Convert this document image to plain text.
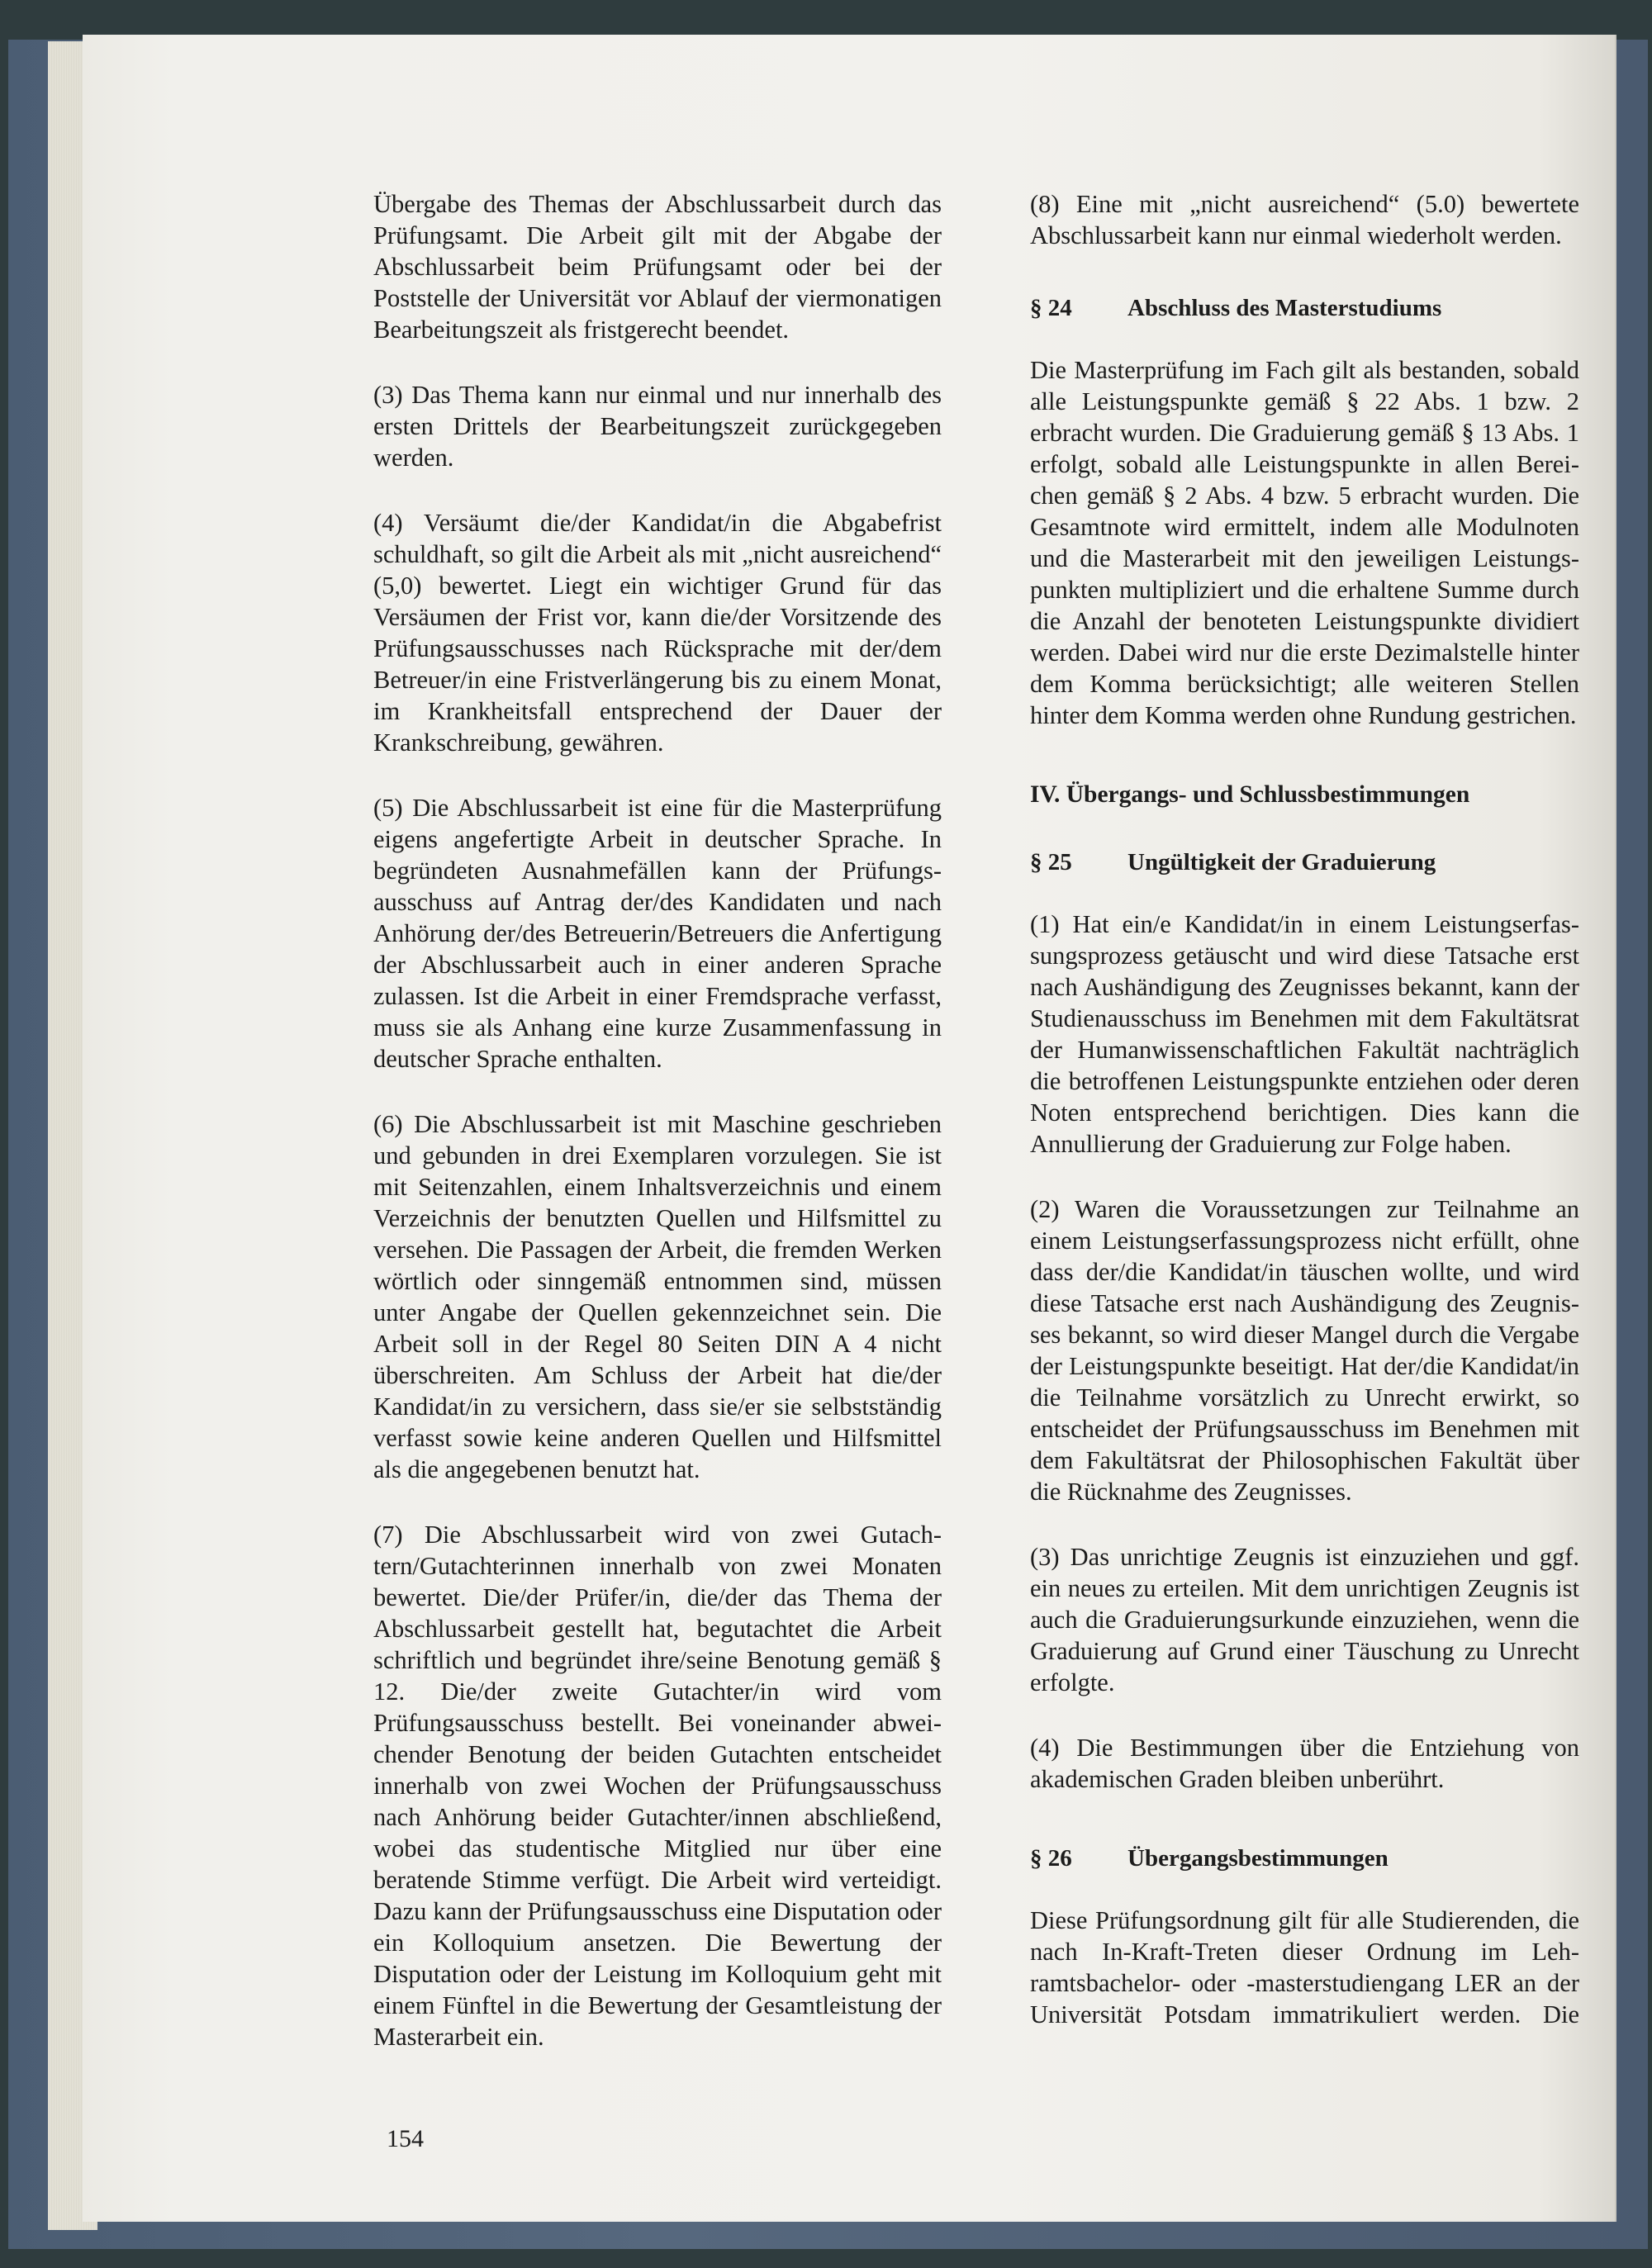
Übergabe des Themas der Abschlussarbeit durch das Prüfungsamt. Die Arbeit gilt mit der Abgabe der Abschlussarbeit beim Prüfungsamt oder bei der Poststelle der Universität vor Ablauf der viermonatigen Bearbeitungszeit als fristgerecht beendet.

(3) Das Thema kann nur einmal und nur innerhalb des ersten Drittels der Bearbeitungszeit zurückgegeben werden.

(4) Versäumt die/der Kandidat/in die Abgabefrist schuldhaft, so gilt die Arbeit als mit „nicht ausreichend“ (5,0) bewertet. Liegt ein wichtiger Grund für das Versäumen der Frist vor, kann die/der Vorsitzende des Prüfungsausschusses nach Rücksprache mit der/dem Betreuer/in eine Fristverlängerung bis zu einem Monat, im Krankheitsfall entsprechend der Dauer der Krankschreibung, gewähren.

(5) Die Abschlussarbeit ist eine für die Masterprüfung eigens angefertigte Arbeit in deutscher Sprache. In begründeten Ausnahmefällen kann der Prüfungsausschuss auf Antrag der/des Kandidaten und nach Anhörung der/des Betreuerin/Betreuers die Anfertigung der Abschlussarbeit auch in einer anderen Sprache zulassen. Ist die Arbeit in einer Fremdsprache verfasst, muss sie als Anhang eine kurze Zusammenfassung in deutscher Sprache enthalten.

(6) Die Abschlussarbeit ist mit Maschine geschrieben und gebunden in drei Exemplaren vorzulegen. Sie ist mit Seitenzahlen, einem Inhaltsverzeichnis und einem Verzeichnis der benutzten Quellen und Hilfsmittel zu versehen. Die Passagen der Arbeit, die fremden Werken wörtlich oder sinngemäß entnommen sind, müssen unter Angabe der Quellen gekennzeichnet sein. Die Arbeit soll in der Regel 80 Seiten DIN A 4 nicht überschreiten. Am Schluss der Arbeit hat die/der Kandidat/in zu versichern, dass sie/er sie selbstständig verfasst sowie keine anderen Quellen und Hilfsmittel als die angegebenen benutzt hat.

(7) Die Abschlussarbeit wird von zwei Gutachtern/Gutachterinnen innerhalb von zwei Monaten bewertet. Die/der Prüfer/in, die/der das Thema der Abschlussarbeit gestellt hat, begutachtet die Arbeit schriftlich und begründet ihre/seine Benotung gemäß § 12. Die/der zweite Gutachter/in wird vom Prüfungsausschuss bestellt. Bei voneinander abweichender Benotung der beiden Gutachten entscheidet innerhalb von zwei Wochen der Prüfungsausschuss nach Anhörung beider Gutachter/innen abschließend, wobei das studentische Mitglied nur über eine beratende Stimme verfügt. Die Arbeit wird verteidigt. Dazu kann der Prüfungsausschuss eine Disputation oder ein Kolloquium ansetzen. Die Bewertung der Disputation oder der Leistung im Kolloquium geht mit einem Fünftel in die Bewertung der Gesamtleistung der Masterarbeit ein.

(8) Eine mit „nicht ausreichend“ (5.0) bewertete Abschlussarbeit kann nur einmal wiederholt werden.

§ 24	Abschluss des Masterstudiums

Die Masterprüfung im Fach gilt als bestanden, sobald alle Leistungspunkte gemäß § 22 Abs. 1 bzw. 2 erbracht wurden. Die Graduierung gemäß § 13 Abs. 1 erfolgt, sobald alle Leistungspunkte in allen Bereichen gemäß § 2 Abs. 4 bzw. 5 erbracht wurden. Die Gesamtnote wird ermittelt, indem alle Modulnoten und die Masterarbeit mit den jeweiligen Leistungspunkten multipliziert und die erhaltene Summe durch die Anzahl der benoteten Leistungspunkte dividiert werden. Dabei wird nur die erste Dezimalstelle hinter dem Komma berücksichtigt; alle weiteren Stellen hinter dem Komma werden ohne Rundung gestrichen.

IV. Übergangs- und Schlussbestimmungen
§ 25	Ungültigkeit der Graduierung

(1) Hat ein/e Kandidat/in in einem Leistungserfassungsprozess getäuscht und wird diese Tatsache erst nach Aushändigung des Zeugnisses bekannt, kann der Studienausschuss im Benehmen mit dem Fakultätsrat der Humanwissenschaftlichen Fakultät nachträglich die betroffenen Leistungspunkte entziehen oder deren Noten entsprechend berichtigen. Dies kann die Annullierung der Graduierung zur Folge haben.

(2) Waren die Voraussetzungen zur Teilnahme an einem Leistungserfassungsprozess nicht erfüllt, ohne dass der/die Kandidat/in täuschen wollte, und wird diese Tatsache erst nach Aushändigung des Zeugnisses bekannt, so wird dieser Mangel durch die Vergabe der Leistungspunkte beseitigt. Hat der/die Kandidat/in die Teilnahme vorsätzlich zu Unrecht erwirkt, so entscheidet der Prüfungsausschuss im Benehmen mit dem Fakultätsrat der Philosophischen Fakultät über die Rücknahme des Zeugnisses.

(3) Das unrichtige Zeugnis ist einzuziehen und ggf. ein neues zu erteilen. Mit dem unrichtigen Zeugnis ist auch die Graduierungsurkunde einzuziehen, wenn die Graduierung auf Grund einer Täuschung zu Unrecht erfolgte.

(4) Die Bestimmungen über die Entziehung von akademischen Graden bleiben unberührt.

§ 26	Übergangsbestimmungen

Diese Prüfungsordnung gilt für alle Studierenden, die nach In-Kraft-Treten dieser Ordnung im Lehramtsbachelor- oder -masterstudiengang LER an der Universität Potsdam immatrikuliert werden. Die

154
